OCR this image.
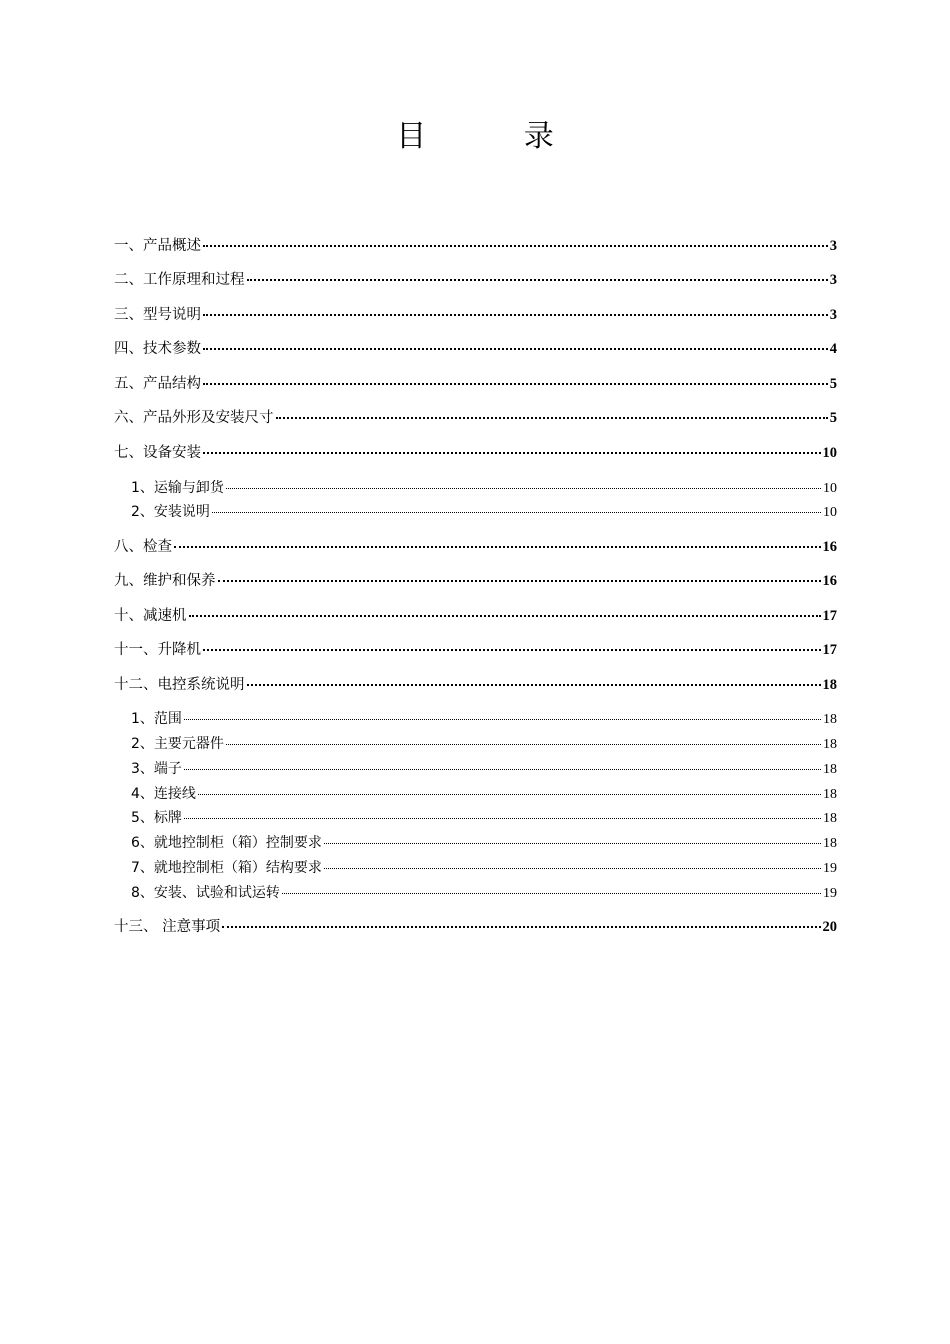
目 录
一、产品概述	3
二、工作原理和过程	3
三、型号说明	3
四、技术参数	4
五、产品结构	5
六、产品外形及安装尺寸	5
七、设备安装	10
1、运输与卸货	10
2、安装说明	10
八、检查	16
九、维护和保养	16
十、减速机	17
十一、升降机	17
十二、电控系统说明	18
1、范围	18
2、主要元器件	18
3、端子	18
4、连接线	18
5、标牌	18
6、就地控制柜（箱）控制要求	18
7、就地控制柜（箱）结构要求	19
8、安装、试验和试运转	19
十三、 注意事项	20
